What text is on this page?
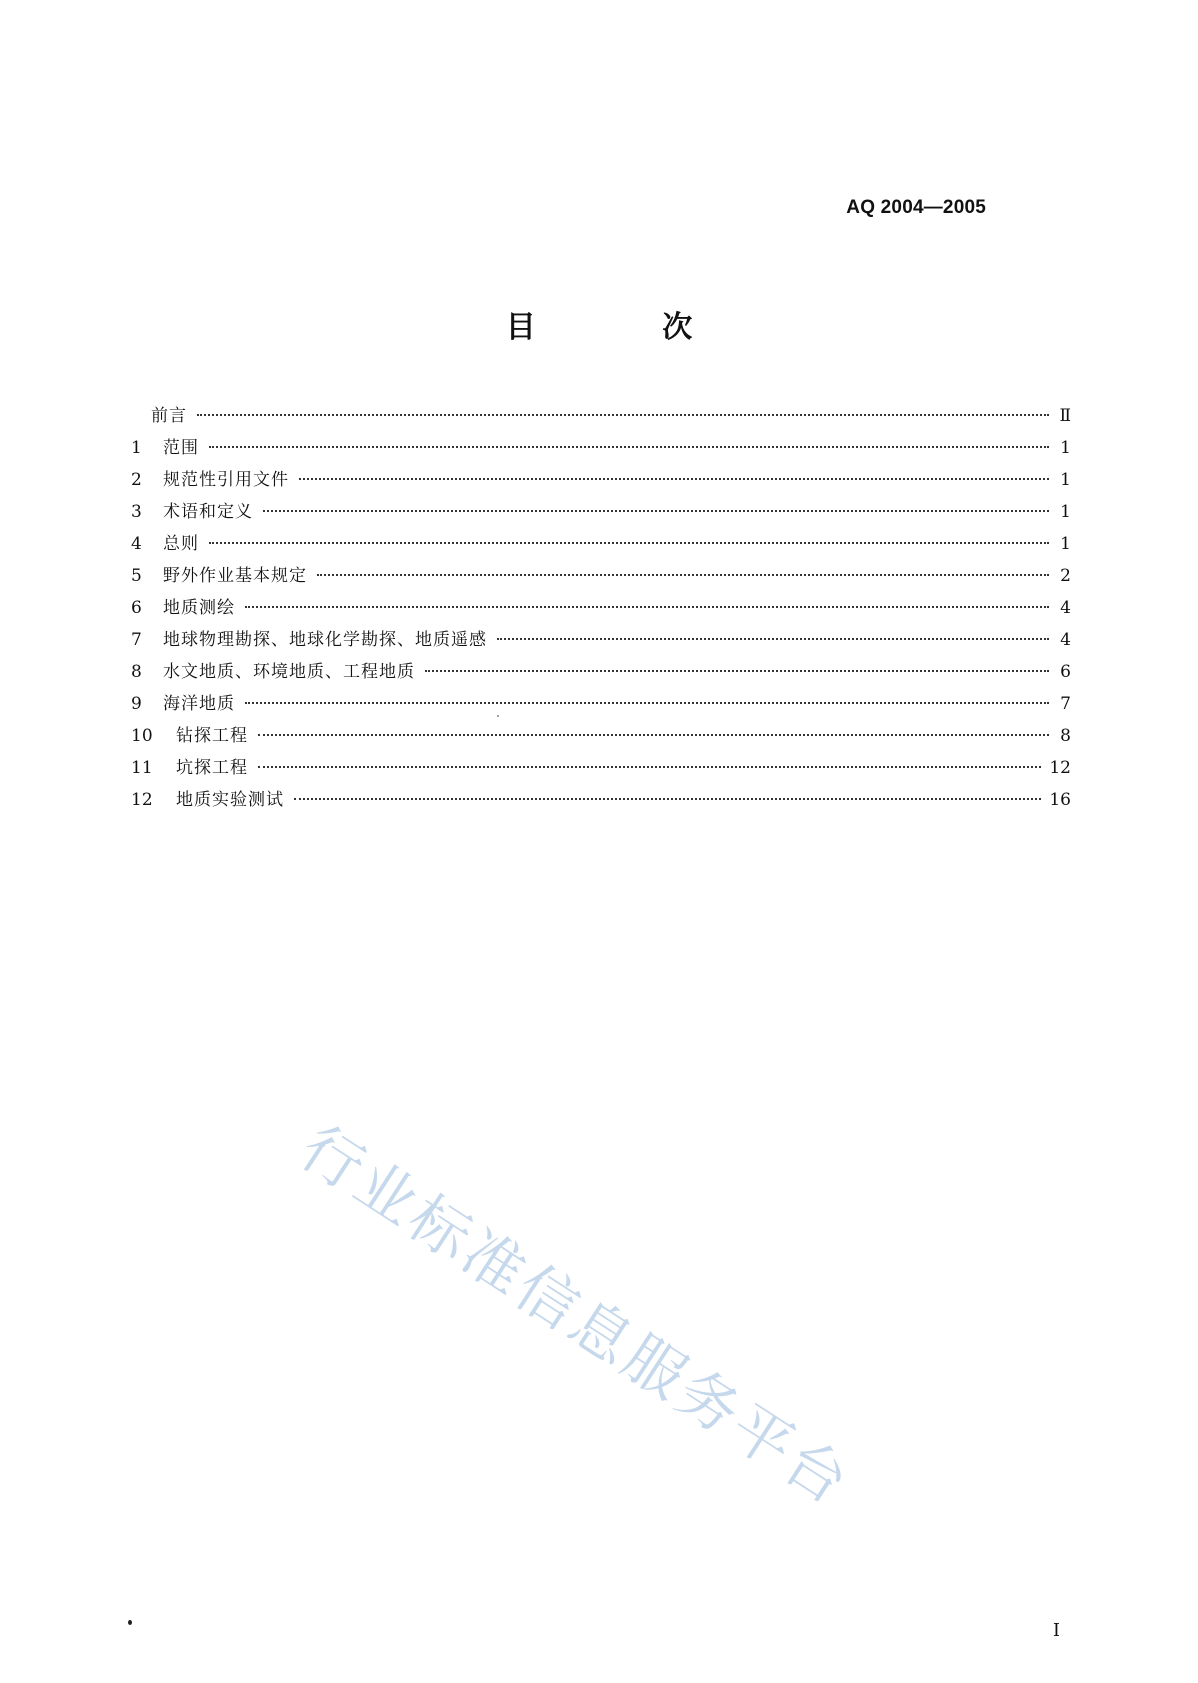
AQ 2004—2005
目 次
前言	Ⅱ
1	范围	1
2	规范性引用文件	1
3	术语和定义	1
4	总则	1
5	野外作业基本规定	2
6	地质测绘	4
7	地球物理勘探、地球化学勘探、地质遥感	4
8	水文地质、环境地质、工程地质	6
9	海洋地质	7
10	钻探工程	8
11	坑探工程	12
12	地质实验测试	16
行业标准信息服务平台
I
